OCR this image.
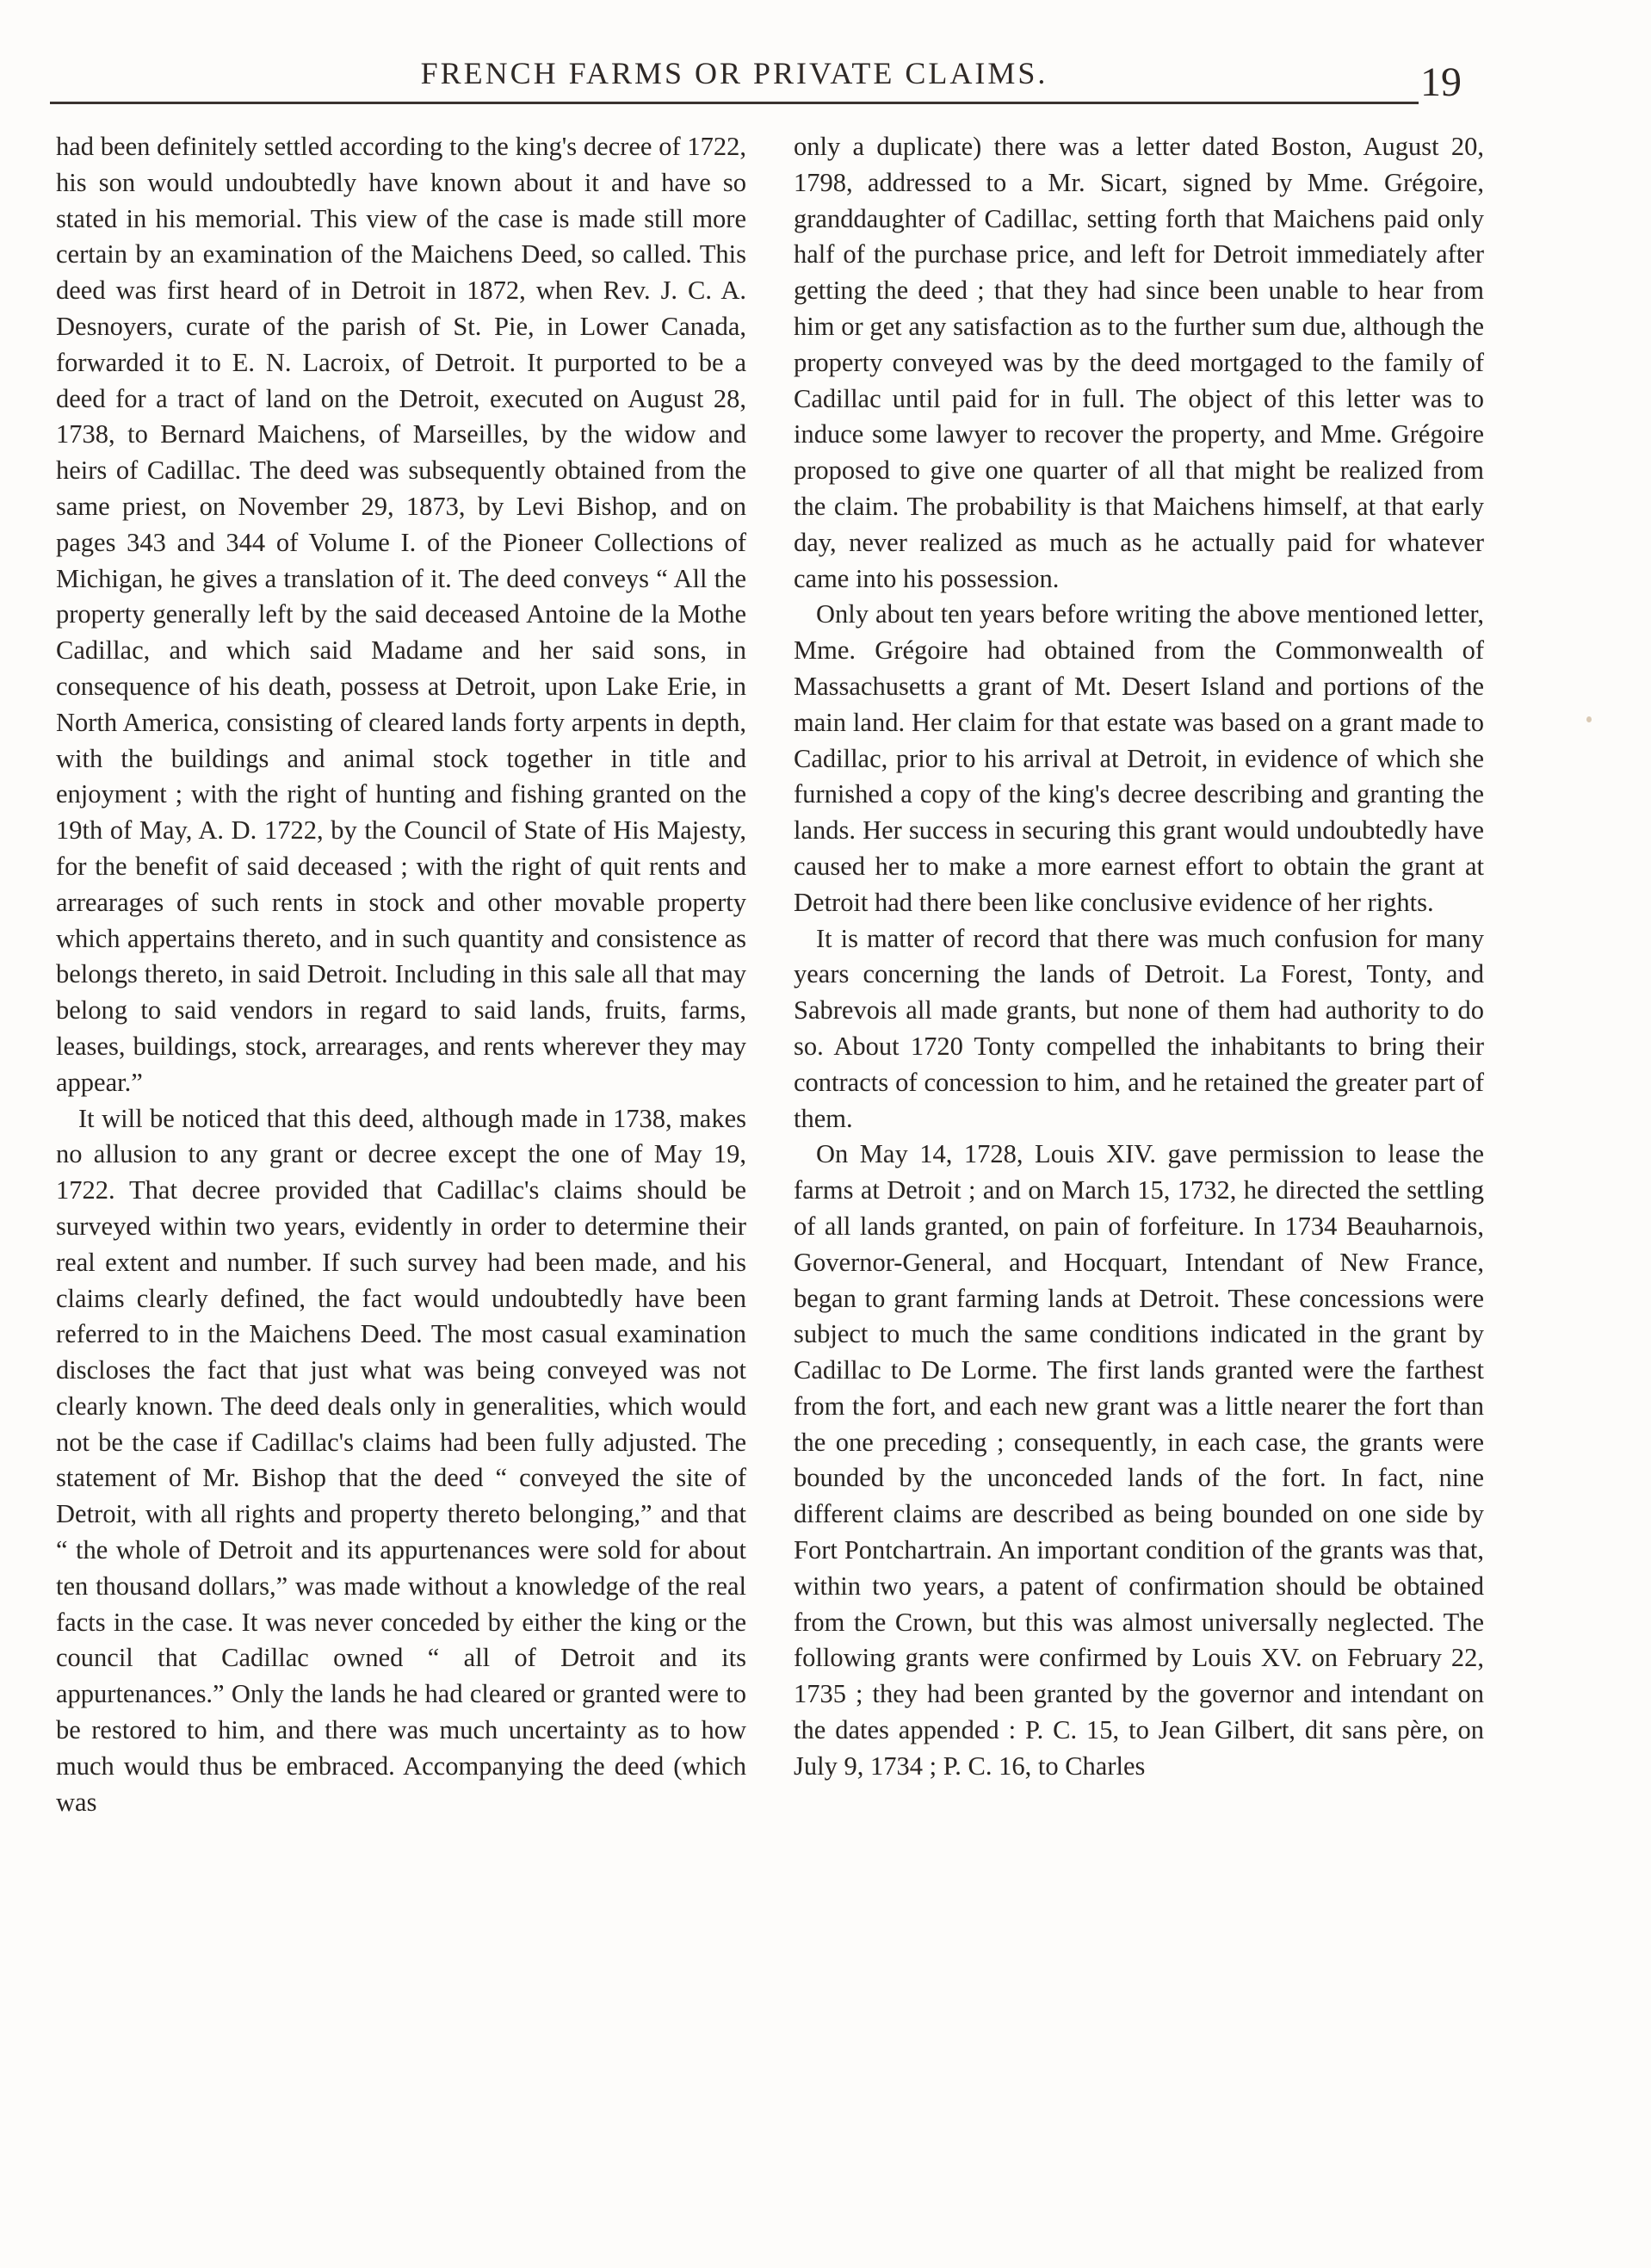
FRENCH FARMS OR PRIVATE CLAIMS.	19

had been definitely settled according to the king's decree of 1722, his son would undoubtedly have known about it and have so stated in his memorial. This view of the case is made still more certain by an examination of the Maichens Deed, so called. This deed was first heard of in Detroit in 1872, when Rev. J. C. A. Desnoyers, curate of the parish of St. Pie, in Lower Canada, forwarded it to E. N. Lacroix, of Detroit. It purported to be a deed for a tract of land on the Detroit, executed on August 28, 1738, to Bernard Maichens, of Marseilles, by the widow and heirs of Cadillac. The deed was subsequently obtained from the same priest, on November 29, 1873, by Levi Bishop, and on pages 343 and 344 of Volume I. of the Pioneer Collections of Michigan, he gives a translation of it. The deed conveys “ All the property generally left by the said deceased Antoine de la Mothe Cadillac, and which said Madame and her said sons, in consequence of his death, possess at Detroit, upon Lake Erie, in North America, consisting of cleared lands forty arpents in depth, with the buildings and animal stock together in title and enjoyment ; with the right of hunting and fishing granted on the 19th of May, A. D. 1722, by the Council of State of His Majesty, for the benefit of said deceased ; with the right of quit rents and arrearages of such rents in stock and other movable property which appertains thereto, and in such quantity and consistence as belongs thereto, in said Detroit. Including in this sale all that may belong to said vendors in regard to said lands, fruits, farms, leases, buildings, stock, arrearages, and rents wherever they may appear.”

It will be noticed that this deed, although made in 1738, makes no allusion to any grant or decree except the one of May 19, 1722. That decree provided that Cadillac's claims should be surveyed within two years, evidently in order to determine their real extent and number. If such survey had been made, and his claims clearly defined, the fact would undoubtedly have been referred to in the Maichens Deed. The most casual examination discloses the fact that just what was being conveyed was not clearly known. The deed deals only in generalities, which would not be the case if Cadillac's claims had been fully adjusted. The statement of Mr. Bishop that the deed “ conveyed the site of Detroit, with all rights and property thereto belonging,” and that “ the whole of Detroit and its appurtenances were sold for about ten thousand dollars,” was made without a knowledge of the real facts in the case. It was never conceded by either the king or the council that Cadillac owned “ all of Detroit and its appurtenances.” Only the lands he had cleared or granted were to be restored to him, and there was much uncertainty as to how much would thus be embraced. Accompanying the deed (which was

only a duplicate) there was a letter dated Boston, August 20, 1798, addressed to a Mr. Sicart, signed by Mme. Grégoire, granddaughter of Cadillac, setting forth that Maichens paid only half of the purchase price, and left for Detroit immediately after getting the deed ; that they had since been unable to hear from him or get any satisfaction as to the further sum due, although the property conveyed was by the deed mortgaged to the family of Cadillac until paid for in full. The object of this letter was to induce some lawyer to recover the property, and Mme. Grégoire proposed to give one quarter of all that might be realized from the claim. The probability is that Maichens himself, at that early day, never realized as much as he actually paid for whatever came into his possession.

Only about ten years before writing the above mentioned letter, Mme. Grégoire had obtained from the Commonwealth of Massachusetts a grant of Mt. Desert Island and portions of the main land. Her claim for that estate was based on a grant made to Cadillac, prior to his arrival at Detroit, in evidence of which she furnished a copy of the king's decree describing and granting the lands. Her success in securing this grant would undoubtedly have caused her to make a more earnest effort to obtain the grant at Detroit had there been like conclusive evidence of her rights.

It is matter of record that there was much confusion for many years concerning the lands of Detroit. La Forest, Tonty, and Sabrevois all made grants, but none of them had authority to do so. About 1720 Tonty compelled the inhabitants to bring their contracts of concession to him, and he retained the greater part of them.

On May 14, 1728, Louis XIV. gave permission to lease the farms at Detroit ; and on March 15, 1732, he directed the settling of all lands granted, on pain of forfeiture. In 1734 Beauharnois, Governor-General, and Hocquart, Intendant of New France, began to grant farming lands at Detroit. These concessions were subject to much the same conditions indicated in the grant by Cadillac to De Lorme. The first lands granted were the farthest from the fort, and each new grant was a little nearer the fort than the one preceding ; consequently, in each case, the grants were bounded by the unconceded lands of the fort. In fact, nine different claims are described as being bounded on one side by Fort Pontchartrain. An important condition of the grants was that, within two years, a patent of confirmation should be obtained from the Crown, but this was almost universally neglected. The following grants were confirmed by Louis XV. on February 22, 1735 ; they had been granted by the governor and intendant on the dates appended : P. C. 15, to Jean Gilbert, dit sans père, on July 9, 1734 ; P. C. 16, to Charles
